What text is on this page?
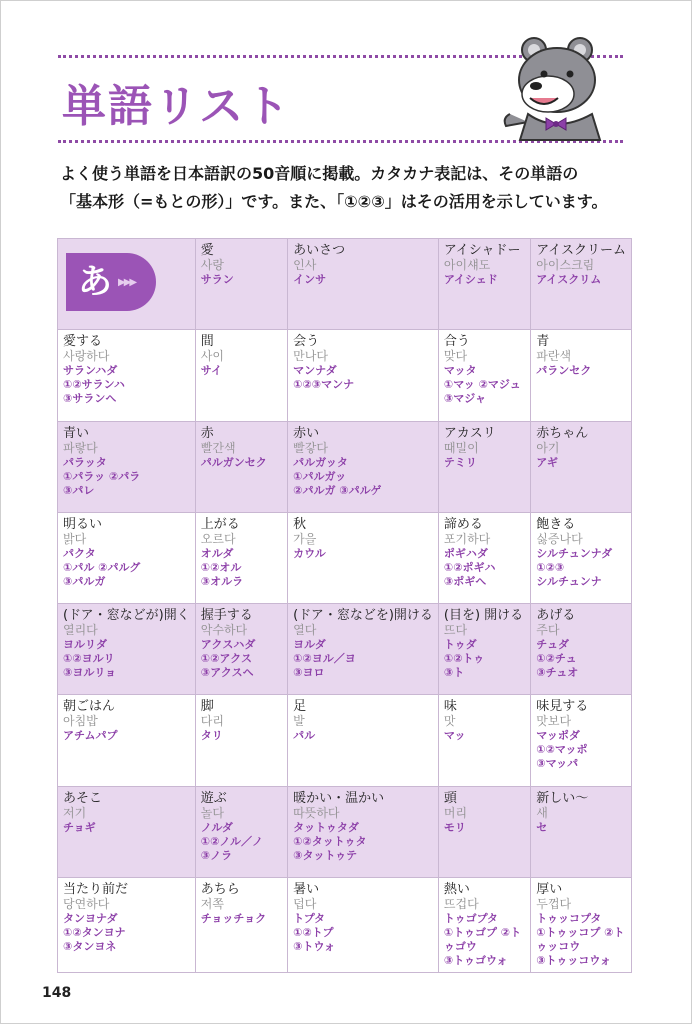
単語リスト
よく使う単語を日本語訳の50音順に掲載。カタカナ表記は、その単語の
「基本形（=もとの形）」です。また、「①②③」はその活用を示しています。
あ ▶▶▶
愛
사랑
サラン
あいさつ
인사
インサ
アイシャドー
아이섀도
アイシェド
アイスクリーム
아이스크림
アイスクリム
愛する
사랑하다
サランハダ
①②サランハ
③サランヘ
間
사이
サイ
会う
만나다
マンナダ
①②③マンナ
合う
맞다
マッタ
①マッ ②マジュ
③マジャ
青
파란색
パランセク
青い
파랗다
パラッタ
①パラッ ②パラ
③パレ
赤
빨간색
パルガンセク
赤い
빨갛다
パルガッタ
①パルガッ
②パルガ ③パルゲ
アカスリ
때밀이
テミリ
赤ちゃん
아기
アギ
明るい
밝다
パクタ
①パル ②パルグ
③パルガ
上がる
오르다
オルダ
①②オル
③オルラ
秋
가을
カウル
諦める
포기하다
ポギハダ
①②ポギハ
③ポギヘ
飽きる
싫증나다
シルチュンナダ
①②③
シルチュンナ
(ドア・窓などが)開く
열리다
ヨルリダ
①②ヨルリ
③ヨルリョ
握手する
악수하다
アクスハダ
①②アクス
③アクスヘ
(ドア・窓などを)開ける
열다
ヨルダ
①②ヨル／ヨ
③ヨロ
(目を) 開ける
뜨다
トゥダ
①②トゥ
③ト
あげる
주다
チュダ
①②チュ
③チュオ
朝ごはん
아침밥
アチムパプ
脚
다리
タリ
足
발
パル
味
맛
マッ
味見する
맛보다
マッポダ
①②マッポ
③マッパ
あそこ
저기
チョギ
遊ぶ
놀다
ノルダ
①②ノル／ノ
③ノラ
暖かい・温かい
따뜻하다
タットゥタダ
①②タットゥタ
③タットゥテ
頭
머리
モリ
新しい〜
새
セ
当たり前だ
당연하다
タンヨナダ
①②タンヨナ
③タンヨネ
あちら
저쪽
チョッチョク
暑い
덥다
トプタ
①②トプ
③トウォ
熱い
뜨겁다
トゥゴプタ
①トゥゴプ ②トゥゴウ
③トゥゴウォ
厚い
두껍다
トゥッコプタ
①トゥッコプ ②トゥッコウ
③トゥッコウォ
148
